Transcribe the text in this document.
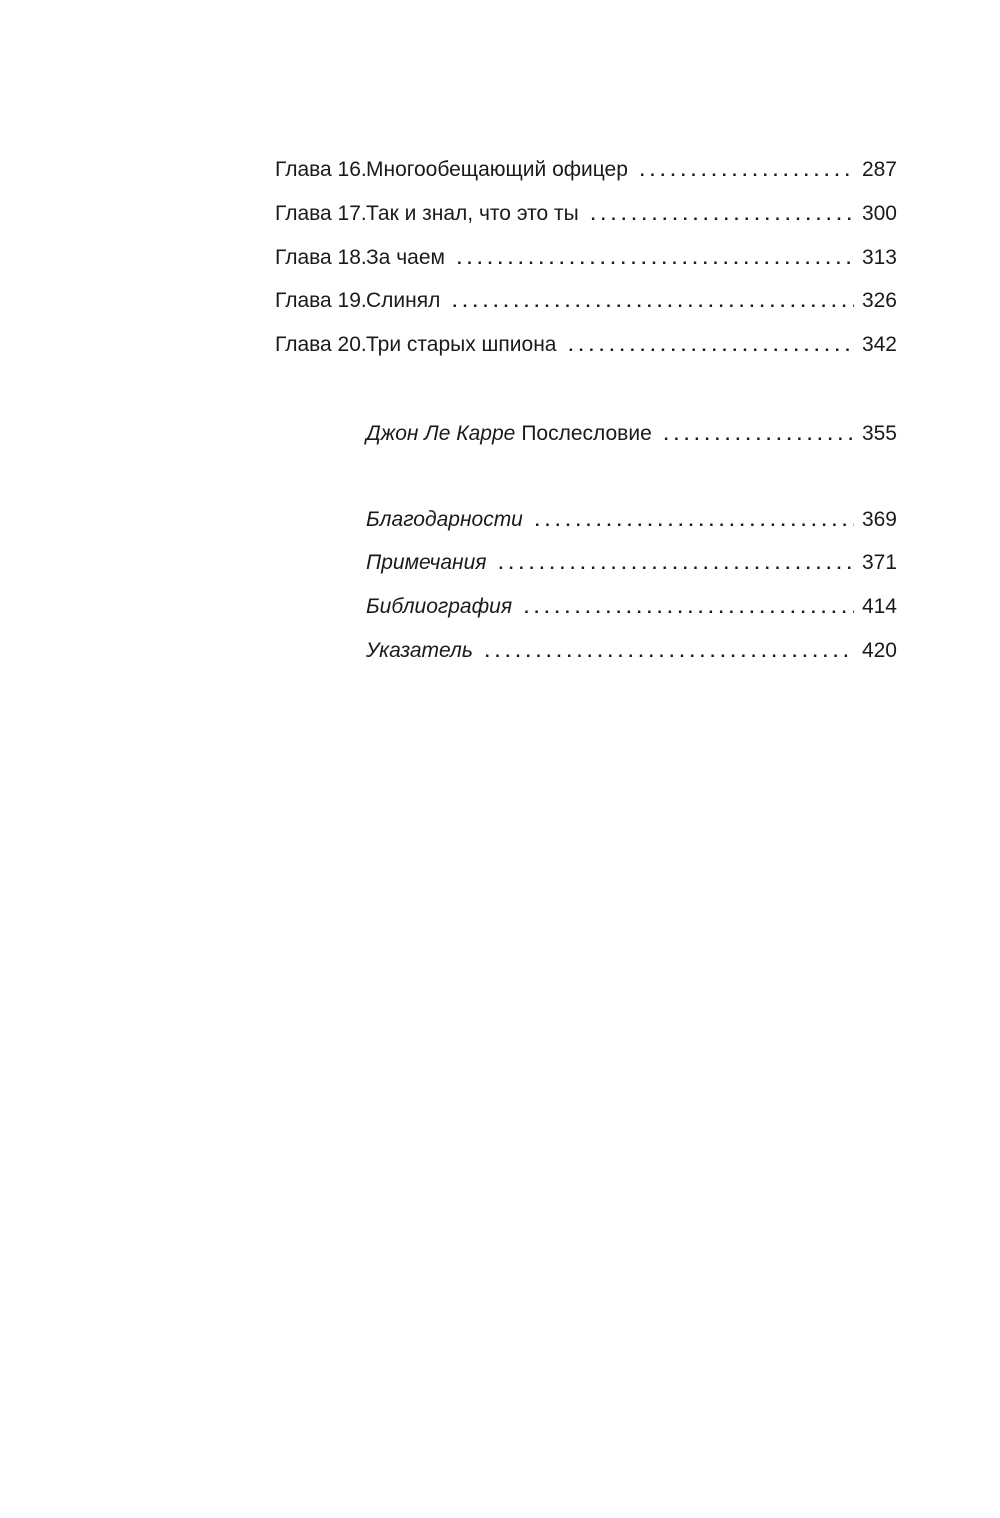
Глава 16. Многообещающий офицер . . .	287
Глава 17. Так и знал, что это ты . . .	300
Глава 18. За чаем . . .	313
Глава 19. Слинял . . .	326
Глава 20. Три старых шпиона . . .	342
Джон Ле Карре Послесловие . . .	355
Благодарности . . .	369
Примечания . . .	371
Библиография . . .	414
Указатель . . .	420
